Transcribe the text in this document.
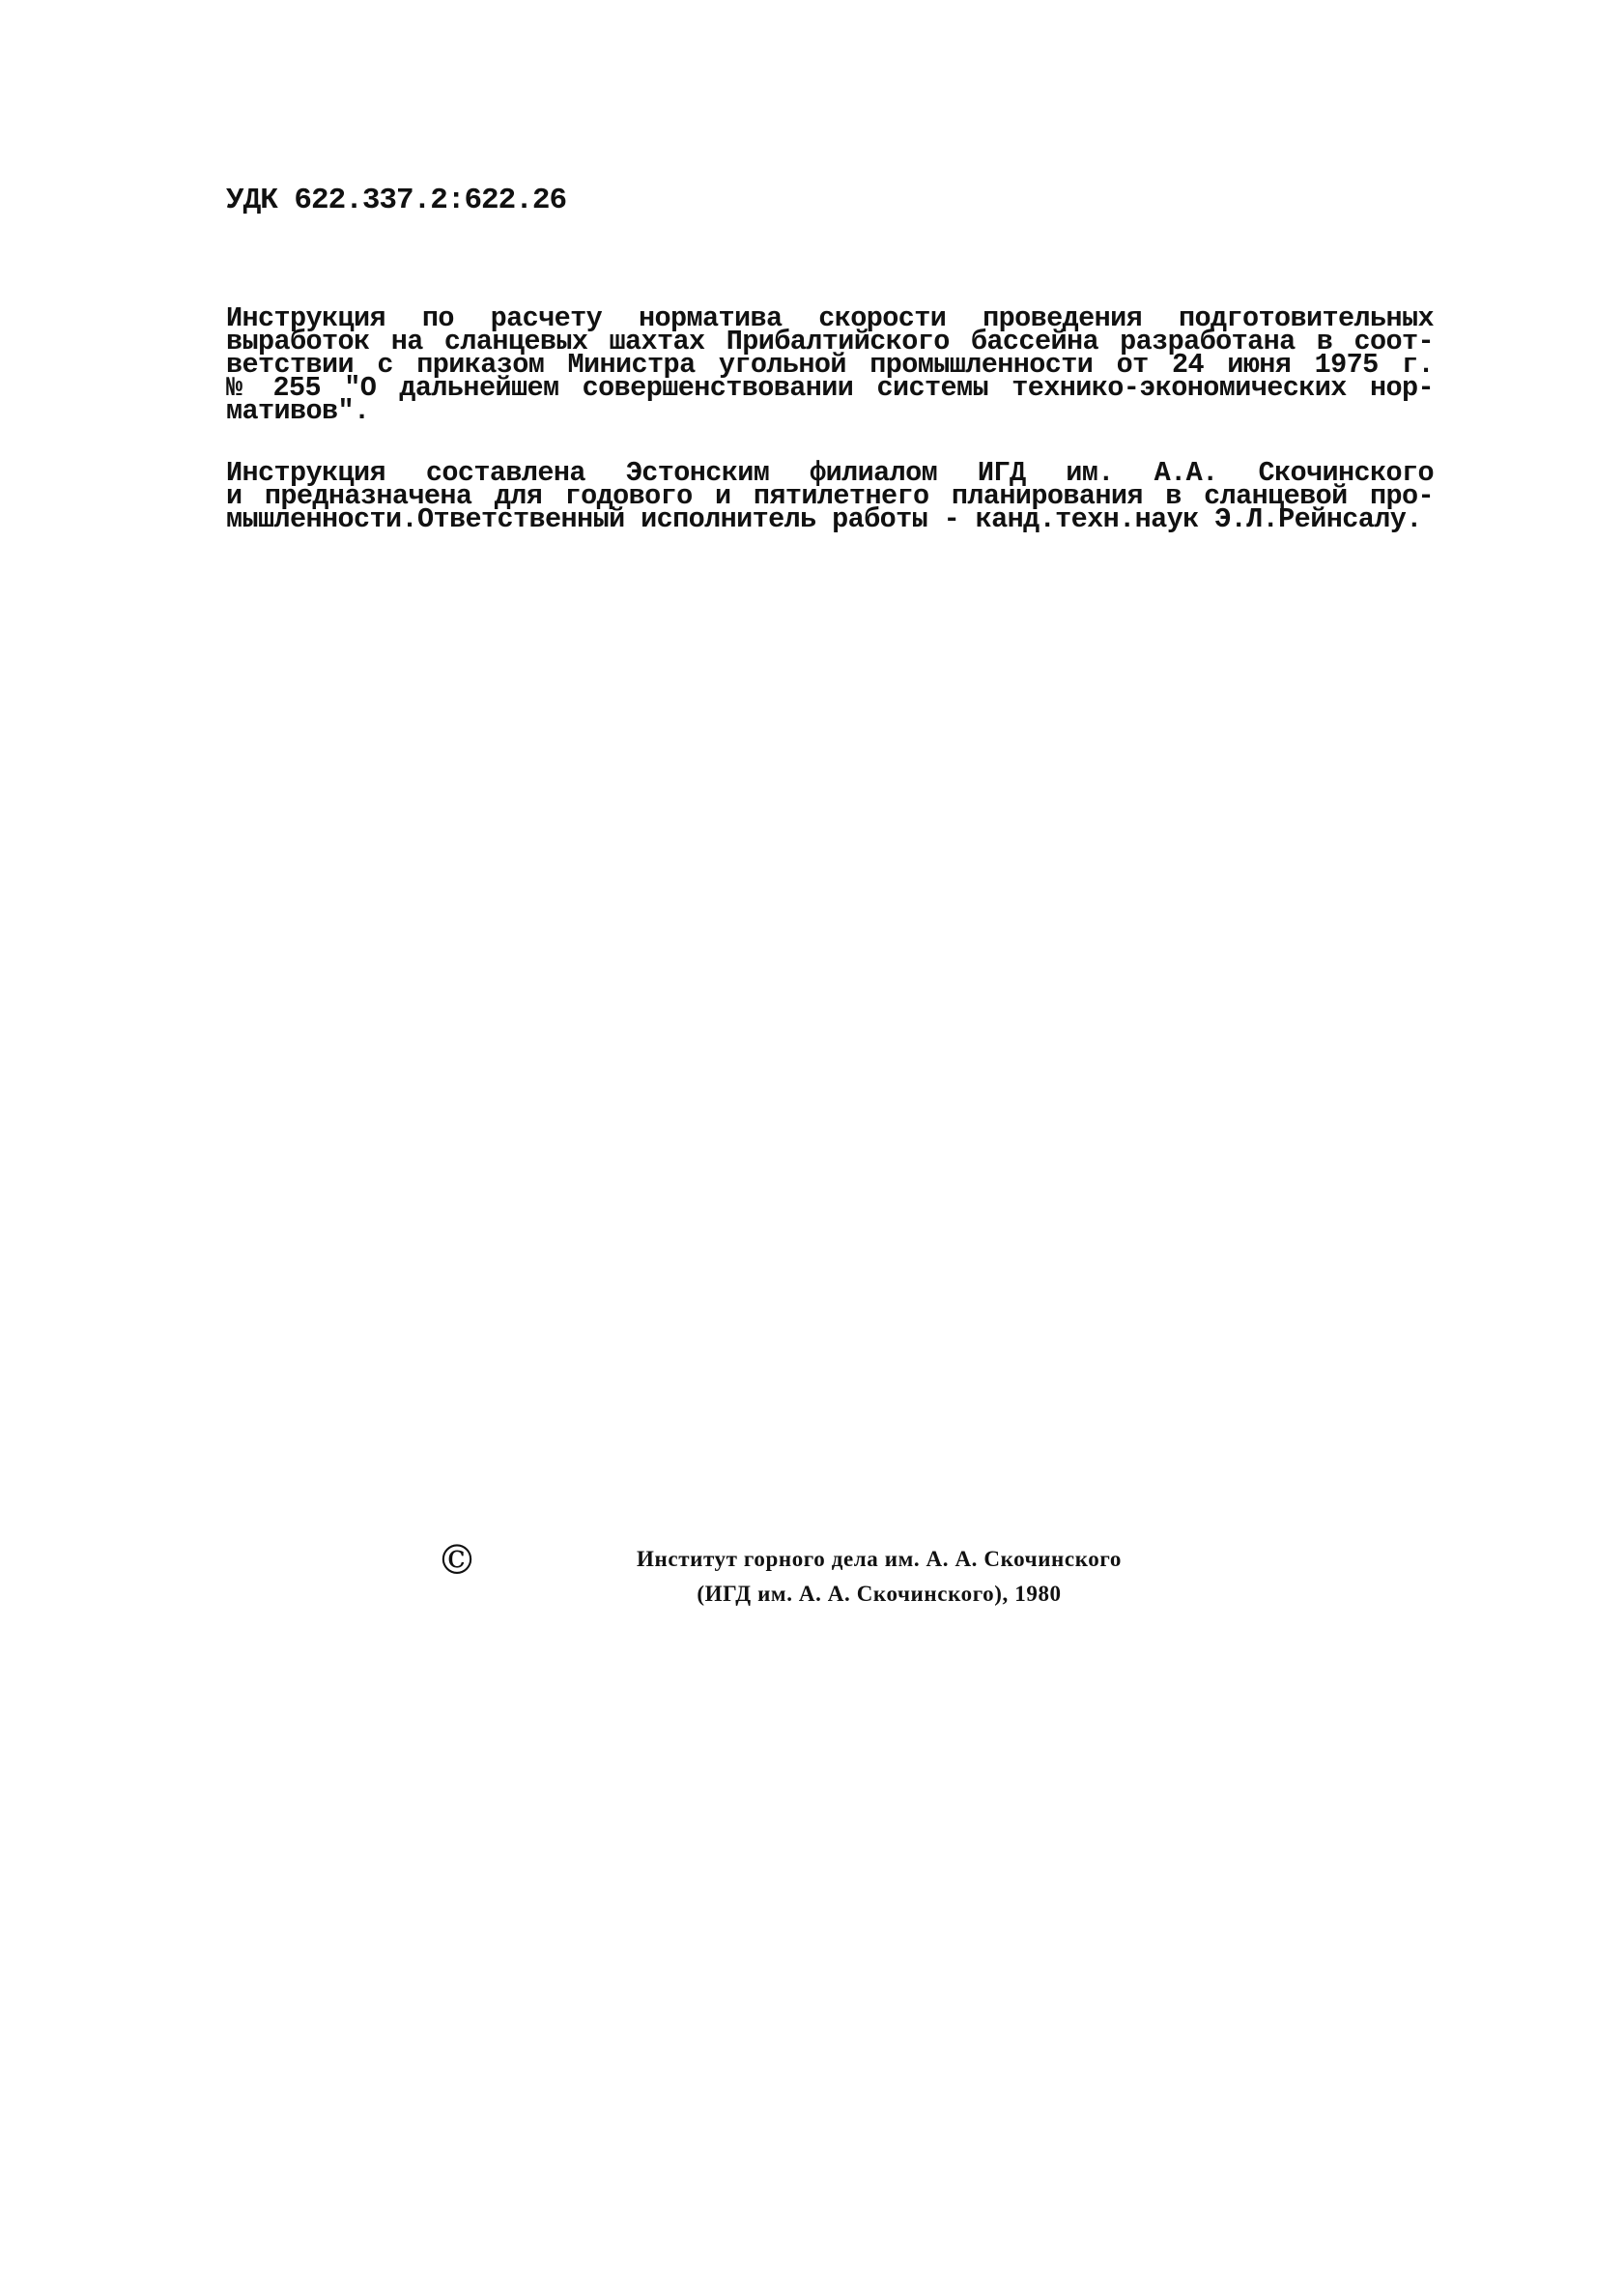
УДК 622.337.2:622.26
Инструкция по расчету норматива скорости проведения подготовительных
выработок на сланцевых шахтах Прибалтийского бассейна разработана в соот-
ветствии с приказом Министра угольной промышленности от 24 июня 1975 г.
№ 255 "О дальнейшем совершенствовании системы технико-экономических нор-
мативов".
Инструкция составлена Эстонским филиалом ИГД им. А.А. Скочинского
и предназначена для годового и пятилетнего планирования в сланцевой про-
мышленности.Ответственный исполнитель работы - канд.техн.наук Э.Л.Рейнсалу.
©	Институт горного дела им. А. А. Скочинского
(ИГД им. А. А. Скочинского), 1980
